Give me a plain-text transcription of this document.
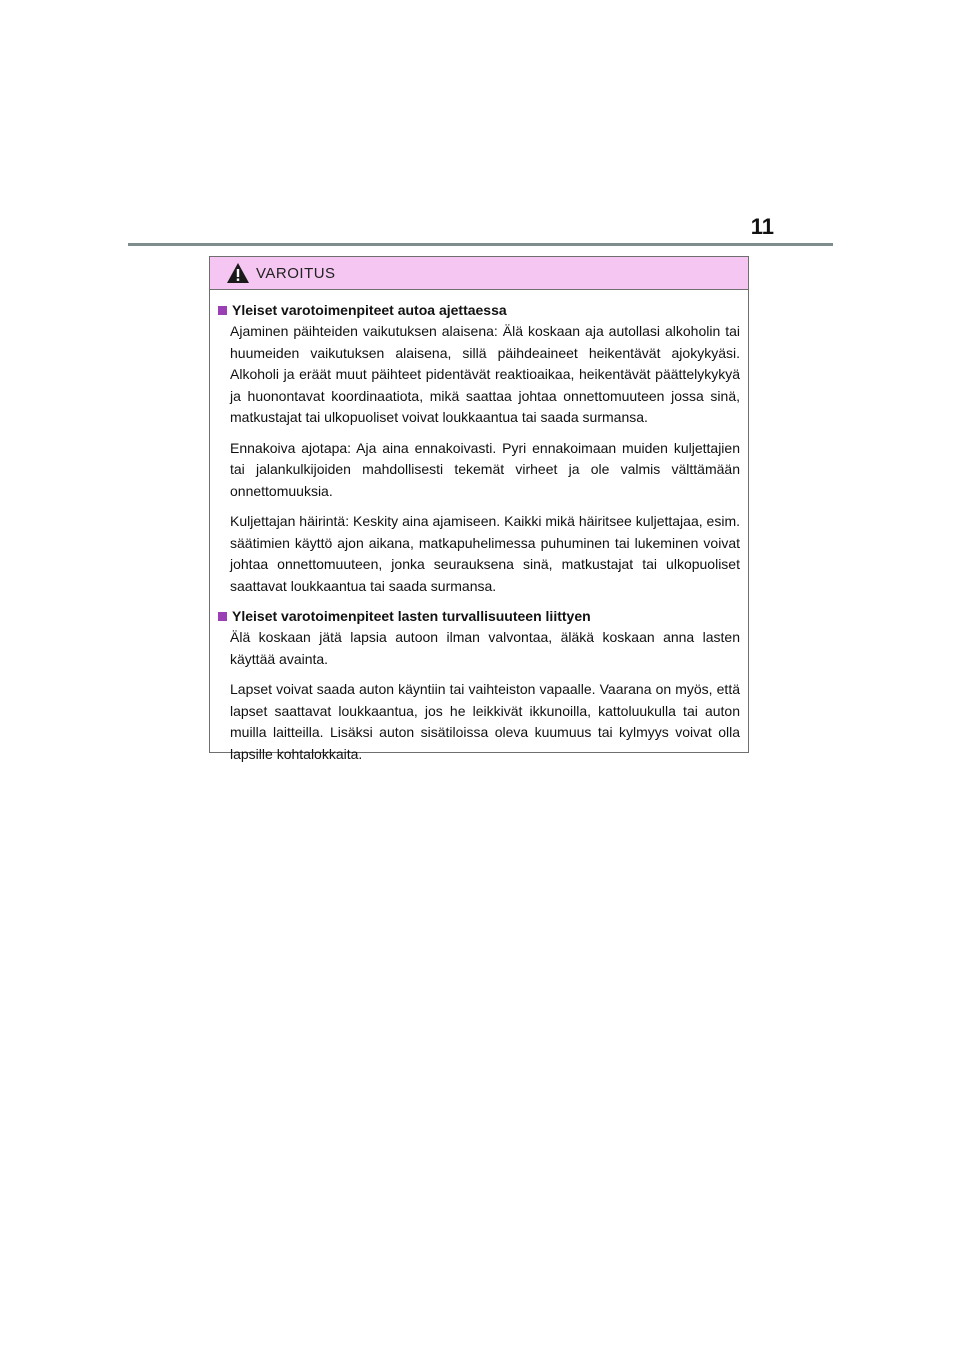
11
VAROITUS
Yleiset varotoimenpiteet autoa ajettaessa

Ajaminen päihteiden vaikutuksen alaisena: Älä koskaan aja autollasi alkoholin tai huumeiden vaikutuksen alaisena, sillä päihdeaineet heikentävät ajokykyäsi. Alkoholi ja eräät muut päihteet pidentävät reaktioaikaa, heikentävät päättelykykyä ja huonontavat koordinaatiota, mikä saattaa johtaa onnettomuuteen jossa sinä, matkustajat tai ulkopuoliset voivat loukkaantua tai saada surmansa.

Ennakoiva ajotapa: Aja aina ennakoivasti. Pyri ennakoimaan muiden kuljettajien tai jalankulkijoiden mahdollisesti tekemät virheet ja ole valmis välttämään onnettomuuksia.

Kuljettajan häirintä: Keskity aina ajamiseen. Kaikki mikä häiritsee kuljettajaa, esim. säätimien käyttö ajon aikana, matkapuhelimessa puhuminen tai lukeminen voivat johtaa onnettomuuteen, jonka seurauksena sinä, matkustajat tai ulkopuoliset saattavat loukkaantua tai saada surmansa.

Yleiset varotoimenpiteet lasten turvallisuuteen liittyen

Älä koskaan jätä lapsia autoon ilman valvontaa, äläkä koskaan anna lasten käyttää avainta.

Lapset voivat saada auton käyntiin tai vaihteiston vapaalle. Vaarana on myös, että lapset saattavat loukkaantua, jos he leikkivät ikkunoilla, kattoluukulla tai auton muilla laitteilla. Lisäksi auton sisätiloissa oleva kuumuus tai kylmyys voivat olla lapsille kohtalokkaita.
